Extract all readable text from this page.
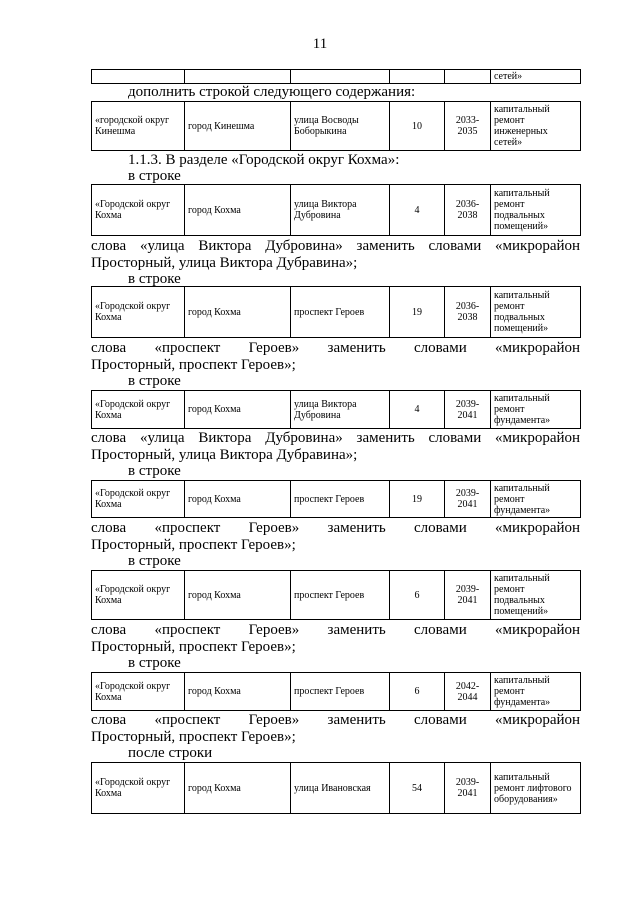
11
					сетей»
дополнить строкой следующего содержания:
«городской округ Кинешма	город Кинешма	улица Восводы Боборыкина	10	2033-2035	капитальный ремонт инженерных сетей»
1.1.3. В разделе «Городской округ Кохма»:
в строке
«Городской округ Кохма	город Кохма	улица Виктора Дубровина	4	2036-2038	капитальный ремонт подвальных помещений»
слова «улица Виктора Дубровина» заменить словами «микрорайон
Просторный, улица Виктора Дубравина»;
в строке
«Городской округ Кохма	город Кохма	проспект Героев	19	2036-2038	капитальный ремонт подвальных помещений»
слова «проспект Героев» заменить словами «микрорайон
Просторный, проспект Героев»;
в строке
«Городской округ Кохма	город Кохма	улица Виктора Дубровина	4	2039-2041	капитальный ремонт фундамента»
слова «улица Виктора Дубровина» заменить словами «микрорайон
Просторный, улица Виктора Дубравина»;
в строке
«Городской округ Кохма	город Кохма	проспект Героев	19	2039-2041	капитальный ремонт фундамента»
слова «проспект Героев» заменить словами «микрорайон
Просторный, проспект Героев»;
в строке
«Городской округ Кохма	город Кохма	проспект Героев	6	2039-2041	капитальный ремонт подвальных помещений»
слова «проспект Героев» заменить словами «микрорайон
Просторный, проспект Героев»;
в строке
«Городской округ Кохма	город Кохма	проспект Героев	6	2042-2044	капитальный ремонт фундамента»
слова «проспект Героев» заменить словами «микрорайон
Просторный, проспект Героев»;
после строки
«Городской округ Кохма	город Кохма	улица Ивановская	54	2039-2041	капитальный ремонт лифтового оборудования»
